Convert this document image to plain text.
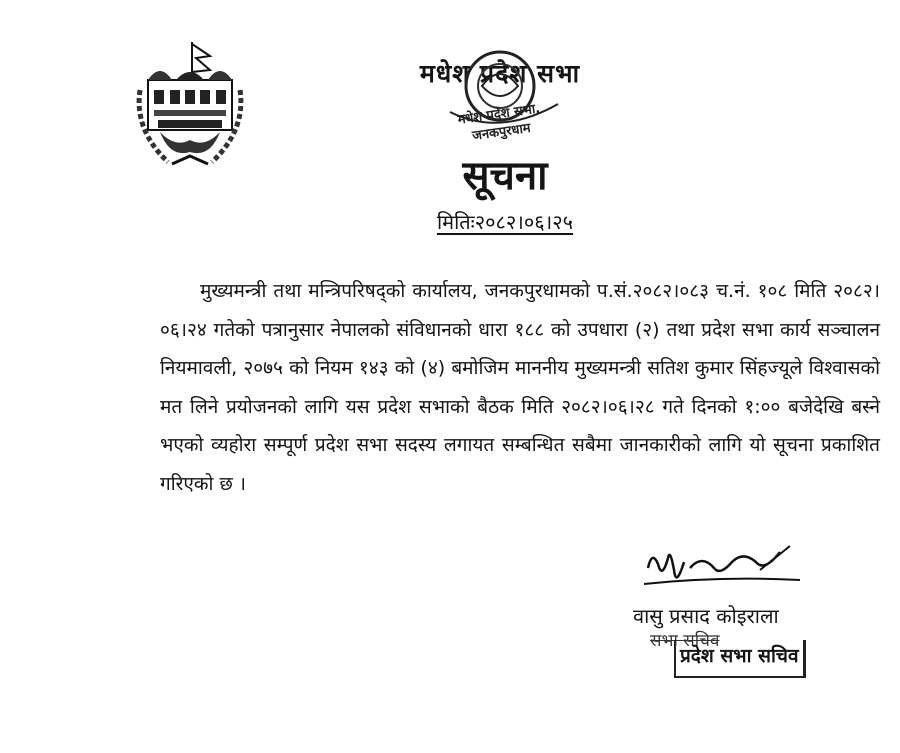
मधेश प्रदेश सभा
मधेश प्रदेश सभा, जनकपुरधाम
सूचना
मितिः२०८२।०६।२५

मुख्यमन्त्री तथा मन्त्रिपरिषद्को कार्यालय, जनकपुरधामको प.सं.२०८२।०८३ च.नं. १०८ मिति २०८२।०६।२४ गतेको पत्रानुसार नेपालको संविधानको धारा १८८ को उपधारा (२) तथा प्रदेश सभा कार्य सञ्चालन नियमावली, २०७५ को नियम १४३ को (४) बमोजिम माननीय मुख्यमन्त्री सतिश कुमार सिंहज्यूले विश्वासको मत लिने प्रयोजनको लागि यस प्रदेश सभाको बैठक मिति २०८२।०६।२८ गते दिनको १:०० बजेदेखि बस्ने भएको व्यहोरा सम्पूर्ण प्रदेश सभा सदस्य लगायत सम्बन्धित सबैमा जानकारीको लागि यो सूचना प्रकाशित गरिएको छ ।

वासु प्रसाद कोइराला
सभा सचिव
प्रदेश सभा सचिव
